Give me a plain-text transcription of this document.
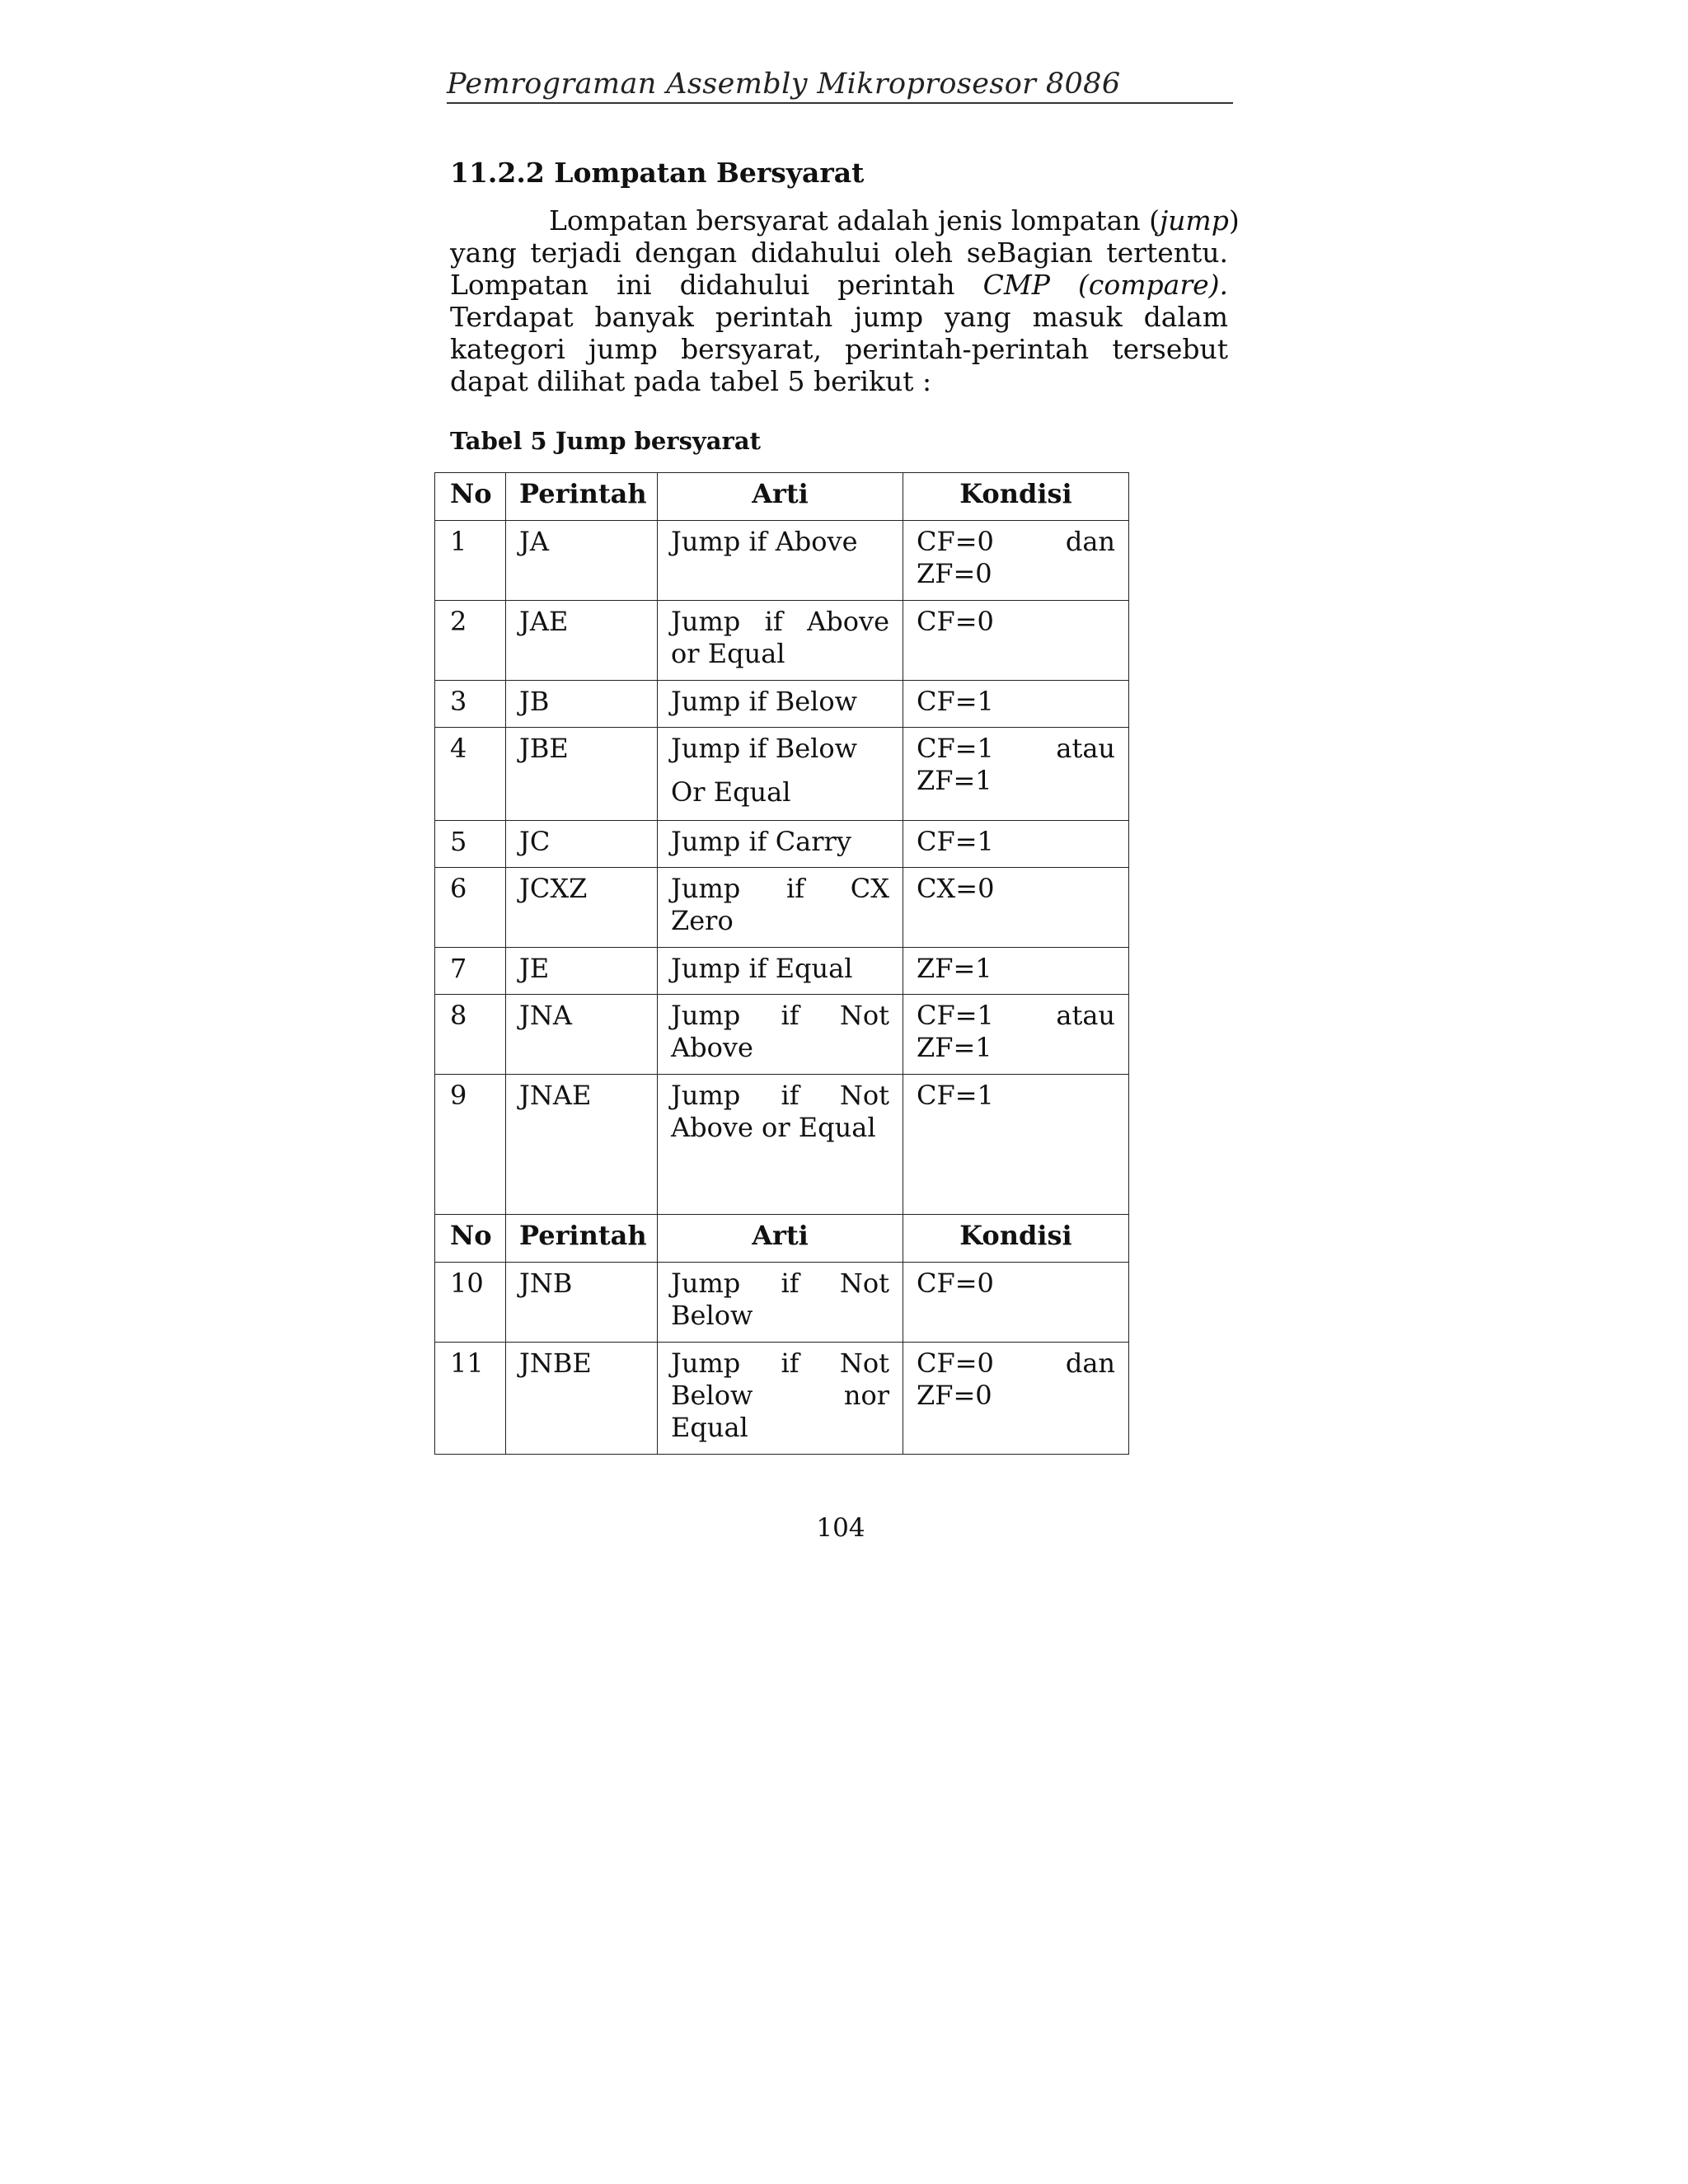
Pemrograman Assembly Mikroprosesor 8086
11.2.2 Lompatan Bersyarat
Lompatan bersyarat adalah jenis lompatan (jump)
yang terjadi dengan didahului oleh seBagian tertentu.
Lompatan ini didahului perintah CMP (compare).
Terdapat banyak perintah jump yang masuk dalam
kategori jump bersyarat, perintah-perintah tersebut
dapat dilihat pada tabel 5 berikut :
Tabel 5 Jump bersyarat
No	Perintah	Arti	Kondisi
1	JA	Jump if Above	CF=0 dan
ZF=0

2	JAE	Jump if Above
or Equal	CF=0
3	JB	Jump if Below	CF=1
4	JBE	Jump if Below
Or Equal	CF=1 atau
ZF=1

5	JC	Jump if Carry	CF=1
6	JCXZ	Jump if CX
Zero	CX=0
7	JE	Jump if Equal	ZF=1
8	JNA	Jump if Not
Above	CF=1 atau
ZF=1

9	JNAE	Jump if Not
Above or Equal	CF=1
No	Perintah	Arti	Kondisi
10	JNB	Jump if Not
Below	CF=0
11	JNBE	Jump if Not
Below nor
Equal	CF=0 dan
ZF=0
104
